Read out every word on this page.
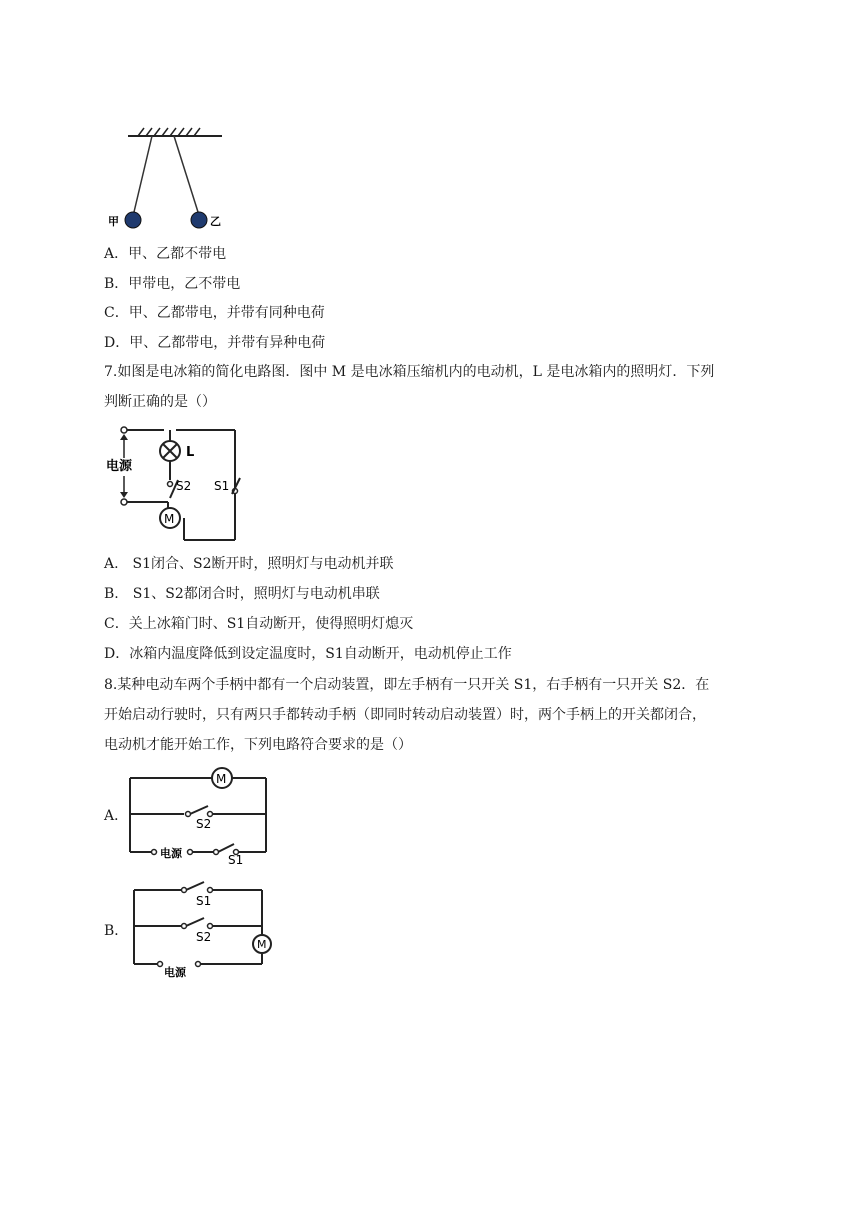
甲	乙
A．甲、乙都不带电
B．甲带电，乙不带电
C．甲、乙都带电，并带有同种电荷
D．甲、乙都带电，并带有异种电荷
7.如图是电冰箱的简化电路图．图中 M 是电冰箱压缩机内的电动机，L 是电冰箱内的照明灯．下列
判断正确的是（）
M
电源
L
S2 S1
A.　S1闭合、S2断开时，照明灯与电动机并联
B.　S1、S2都闭合时，照明灯与电动机串联
C．关上冰箱门时、S1自动断开，使得照明灯熄灭
D．冰箱内温度降低到设定温度时，S1自动断开，电动机停止工作
8.某种电动车两个手柄中都有一个启动装置，即左手柄有一只开关 S1，右手柄有一只开关 S2．在
开始启动行驶时，只有两只手都转动手柄（即同时转动启动装置）时，两个手柄上的开关都闭合，
电动机才能开始工作，下列电路符合要求的是（）
A．
M
S2
电源	S1
B．
S1
S2
M
电源
